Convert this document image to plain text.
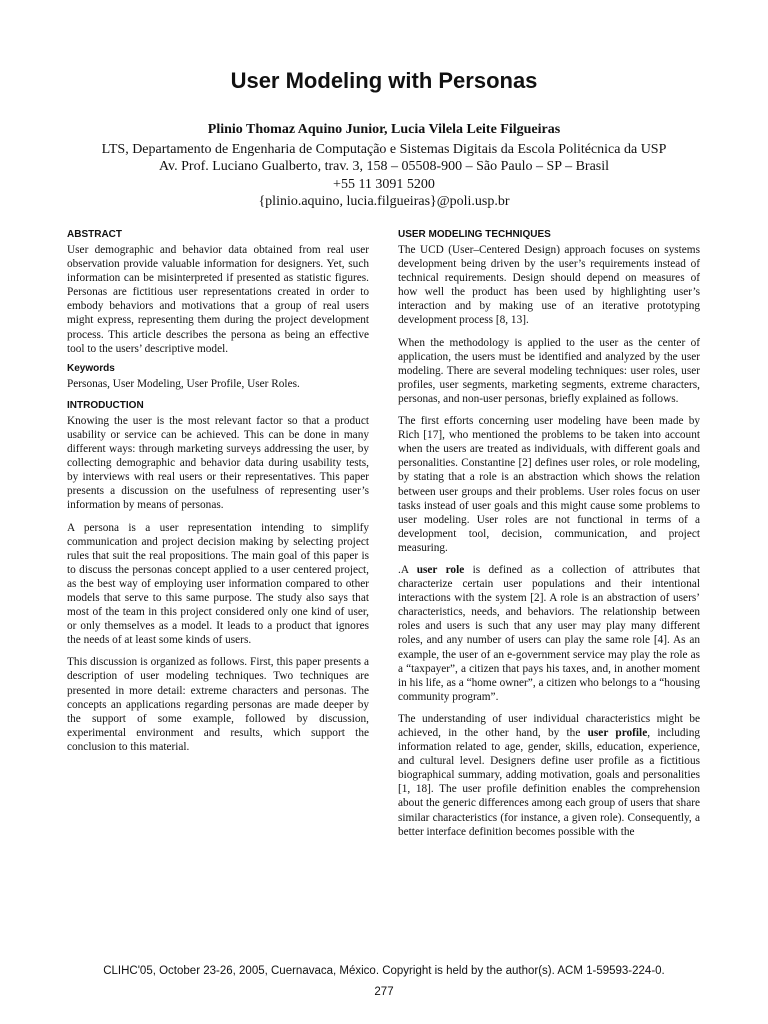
User Modeling with Personas
Plinio Thomaz Aquino Junior, Lucia Vilela Leite Filgueiras
LTS, Departamento de Engenharia de Computação e Sistemas Digitais da Escola Politécnica da USP
Av. Prof. Luciano Gualberto, trav. 3, 158 – 05508-900 – São Paulo – SP – Brasil
+55 11 3091 5200
{plinio.aquino, lucia.filgueiras}@poli.usp.br
ABSTRACT
User demographic and behavior data obtained from real user observation provide valuable information for designers. Yet, such information can be misinterpreted if presented as statistic figures. Personas are fictitious user representations created in order to embody behaviors and motivations that a group of real users might express, representing them during the project development process. This article describes the persona as being an effective tool to the users’ descriptive model.
Keywords
Personas, User Modeling, User Profile, User Roles.
INTRODUCTION
Knowing the user is the most relevant factor so that a product usability or service can be achieved. This can be done in many different ways: through marketing surveys addressing the user, by collecting demographic and behavior data during usability tests, by interviews with real users or their representatives. This paper presents a discussion on the usefulness of representing user’s information by means of personas.
A persona is a user representation intending to simplify communication and project decision making by selecting project rules that suit the real propositions. The main goal of this paper is to discuss the personas concept applied to a user centered project, as the best way of employing user information compared to other models that serve to this same purpose. The study also says that most of the team in this project considered only one kind of user, or only themselves as a model. It leads to a product that ignores the needs of at least some kinds of users.
This discussion is organized as follows. First, this paper presents a description of user modeling techniques. Two techniques are presented in more detail: extreme characters and personas. The concepts an applications regarding personas are made deeper by the support of some example, followed by discussion, experimental environment and results, which support the conclusion to this material.
USER MODELING TECHNIQUES
The UCD (User–Centered Design) approach focuses on systems development being driven by the user’s requirements instead of technical requirements. Design should depend on measures of how well the product has been used by highlighting user’s interaction and by making use of an iterative prototyping development process [8, 13].
When the methodology is applied to the user as the center of application, the users must be identified and analyzed by the user modeling. There are several modeling techniques: user roles, user profiles, user segments, marketing segments, extreme characters, personas, and non-user personas, briefly explained as follows.
The first efforts concerning user modeling have been made by Rich [17], who mentioned the problems to be taken into account when the users are treated as individuals, with different goals and personalities. Constantine [2] defines user roles, or role modeling, by stating that a role is an abstraction which shows the relation between user groups and their problems. User roles focus on user tasks instead of user goals and this might cause some problems to user modeling. User roles are not functional in terms of a development tool, decision, communication, and project measuring.
.A user role is defined as a collection of attributes that characterize certain user populations and their intentional interactions with the system [2]. A role is an abstraction of users’ characteristics, needs, and behaviors. The relationship between roles and users is such that any user may play many different roles, and any number of users can play the same role [4]. As an example, the user of an e-government service may play the role as a “taxpayer”, a citizen that pays his taxes, and, in another moment in his life, as a “home owner”, a citizen who belongs to a “housing community program”.
The understanding of user individual characteristics might be achieved, in the other hand, by the user profile, including information related to age, gender, skills, education, experience, and cultural level. Designers define user profile as a fictitious biographical summary, adding motivation, goals and personalities [1, 18]. The user profile definition enables the comprehension about the generic differences among each group of users that share similar characteristics (for instance, a given role). Consequently, a better interface definition becomes possible with the
CLIHC'05, October 23-26, 2005, Cuernavaca, México. Copyright is held by the author(s). ACM 1-59593-224-0.
277
